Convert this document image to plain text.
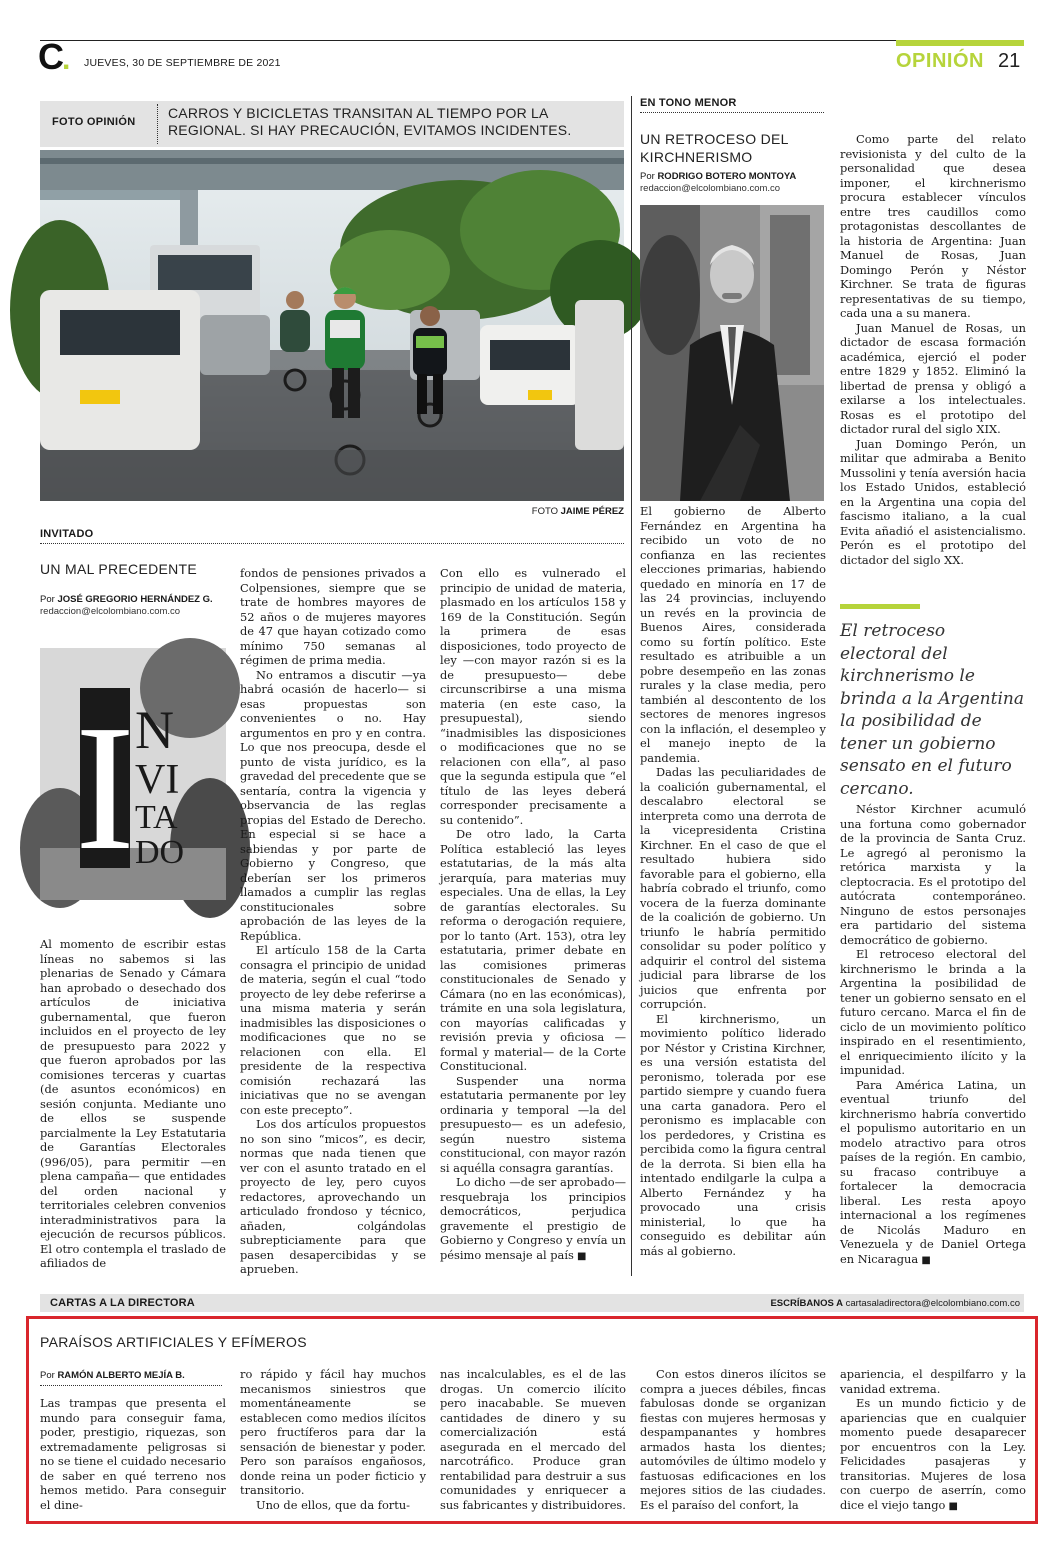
C. JUEVES, 30 DE SEPTIEMBRE DE 2021	OPINIÓN 21
FOTO OPINIÓN
CARROS Y BICICLETAS TRANSITAN AL TIEMPO POR LA REGIONAL. SI HAY PRECAUCIÓN, EVITAMOS INCIDENTES.
FOTO JAIME PÉREZ
INVITADO
UN MAL PRECEDENTE
Por JOSÉ GREGORIO HERNÁNDEZ G.
redaccion@elcolombiano.com.co
I N
VI
TA
DO

Al momento de escribir estas líneas no sabemos si las plenarias de Senado y Cámara han aprobado o desechado dos artículos de iniciativa gubernamental, que fueron incluidos en el proyecto de ley de presupuesto para 2022 y que fueron aprobados por las comisiones terceras y cuartas (de asuntos económicos) en sesión conjunta. Mediante uno de ellos se suspende parcialmente la Ley Estatutaria de Garantías Electorales (996/05), para permitir —en plena campaña— que entidades del orden nacional y territoriales celebren convenios interadministrativos para la ejecución de recursos públicos. El otro contempla el traslado de afiliados de

fondos de pensiones privados a Colpensiones, siempre que se trate de hombres mayores de 52 años o de mujeres mayores de 47 que hayan cotizado como mínimo 750 semanas al régimen de prima media.

No entramos a discutir —ya habrá ocasión de hacerlo— si esas propuestas son convenientes o no. Hay argumentos en pro y en contra. Lo que nos preocupa, desde el punto de vista jurídico, es la gravedad del precedente que se sentaría, contra la vigencia y observancia de las reglas propias del Estado de Derecho. En especial si se hace a sabiendas y por parte de Gobierno y Congreso, que deberían ser los primeros llamados a cumplir las reglas constitucionales sobre aprobación de las leyes de la República.

El artículo 158 de la Carta consagra el principio de unidad de materia, según el cual “todo proyecto de ley debe referirse a una misma materia y serán inadmisibles las disposiciones o modificaciones que no se relacionen con ella. El presidente de la respectiva comisión rechazará las iniciativas que no se avengan con este precepto”.

Los dos artículos propuestos no son sino “micos”, es decir, normas que nada tienen que ver con el asunto tratado en el proyecto de ley, pero cuyos redactores, aprovechando un articulado frondoso y técnico, añaden, colgándolas subrepticiamente para que pasen desapercibidas y se aprueben.

Con ello es vulnerado el principio de unidad de materia, plasmado en los artículos 158 y 169 de la Constitución. Según la primera de esas disposiciones, todo proyecto de ley —con mayor razón si es la de presupuesto— debe circunscribirse a una misma materia (en este caso, la presupuestal), siendo “inadmisibles las disposiciones o modificaciones que no se relacionen con ella”, al paso que la segunda estipula que “el título de las leyes deberá corresponder precisamente a su contenido”.

De otro lado, la Carta Política estableció las leyes estatutarias, de la más alta jerarquía, para materias muy especiales. Una de ellas, la Ley de garantías electorales. Su reforma o derogación requiere, por lo tanto (Art. 153), otra ley estatutaria, primer debate en las comisiones primeras constitucionales de Senado y Cámara (no en las económicas), trámite en una sola legislatura, con mayorías calificadas y revisión previa y oficiosa —formal y material— de la Corte Constitucional.

Suspender una norma estatutaria permanente por ley ordinaria y temporal —la del presupuesto— es un adefesio, según nuestro sistema constitucional, con mayor razón si aquélla consagra garantías.

Lo dicho —de ser aprobado— resquebraja los principios democráticos, perjudica gravemente el prestigio de Gobierno y Congreso y envía un pésimo mensaje al país ■

EN TONO MENOR
UN RETROCESO DEL KIRCHNERISMO
Por RODRIGO BOTERO MONTOYA
redaccion@elcolombiano.com.co

El gobierno de Alberto Fernández en Argentina ha recibido un voto de no confianza en las recientes elecciones primarias, habiendo quedado en minoría en 17 de las 24 provincias, incluyendo un revés en la provincia de Buenos Aires, considerada como su fortín político. Este resultado es atribuible a un pobre desempeño en las zonas rurales y la clase media, pero también al descontento de los sectores de menores ingresos con la inflación, el desempleo y el manejo inepto de la pandemia.

Dadas las peculiaridades de la coalición gubernamental, el descalabro electoral se interpreta como una derrota de la vicepresidenta Cristina Kirchner. En el caso de que el resultado hubiera sido favorable para el gobierno, ella habría cobrado el triunfo, como vocera de la fuerza dominante de la coalición de gobierno. Un triunfo le habría permitido consolidar su poder político y adquirir el control del sistema judicial para librarse de los juicios que enfrenta por corrupción.

El kirchnerismo, un movimiento político liderado por Néstor y Cristina Kirchner, es una versión estatista del peronismo, tolerada por ese partido siempre y cuando fuera una carta ganadora. Pero el peronismo es implacable con los perdedores, y Cristina es percibida como la figura central de la derrota. Si bien ella ha intentado endilgarle la culpa a Alberto Fernández y ha provocado una crisis ministerial, lo que ha conseguido es debilitar aún más al gobierno.

Como parte del relato revisionista y del culto de la personalidad que desea imponer, el kirchnerismo procura establecer vínculos entre tres caudillos como protagonistas descollantes de la historia de Argentina: Juan Manuel de Rosas, Juan Domingo Perón y Néstor Kirchner. Se trata de figuras representativas de su tiempo, cada una a su manera.

Juan Manuel de Rosas, un dictador de escasa formación académica, ejerció el poder entre 1829 y 1852. Eliminó la libertad de prensa y obligó a exilarse a los intelectuales. Rosas es el prototipo del dictador rural del siglo XIX.

Juan Domingo Perón, un militar que admiraba a Benito Mussolini y tenía aversión hacia los Estado Unidos, estableció en la Argentina una copia del fascismo italiano, a la cual Evita añadió el asistencialismo. Perón es el prototipo del dictador del siglo XX.

El retroceso electoral del kirchnerismo le brinda a la Argentina la posibilidad de tener un gobierno sensato en el futuro cercano.

Néstor Kirchner acumuló una fortuna como gobernador de la provincia de Santa Cruz. Le agregó al peronismo la retórica marxista y la cleptocracia. Es el prototipo del autócrata contemporáneo. Ninguno de estos personajes era partidario del sistema democrático de gobierno.

El retroceso electoral del kirchnerismo le brinda a la Argentina la posibilidad de tener un gobierno sensato en el futuro cercano. Marca el fin de ciclo de un movimiento político inspirado en el resentimiento, el enriquecimiento ilícito y la impunidad.

Para América Latina, un eventual triunfo del kirchnerismo habría convertido el populismo autoritario en un modelo atractivo para otros países de la región. En cambio, su fracaso contribuye a fortalecer la democracia liberal. Les resta apoyo internacional a los regímenes de Nicolás Maduro en Venezuela y de Daniel Ortega en Nicaragua ■

CARTAS A LA DIRECTORA	ESCRÍBANOS A cartasaladirectora@elcolombiano.com.co
PARAÍSOS ARTIFICIALES Y EFÍMEROS
Por RAMÓN ALBERTO MEJÍA B.

Las trampas que presenta el mundo para conseguir fama, poder, prestigio, riquezas, son extremadamente peligrosas si no se tiene el cuidado necesario de saber en qué terreno nos hemos metido. Para conseguir el dine-

ro rápido y fácil hay muchos mecanismos siniestros que momentáneamente se establecen como medios ilícitos pero fructíferos para dar la sensación de bienestar y poder. Pero son paraísos engañosos, donde reina un poder ficticio y transitorio.

Uno de ellos, que da fortu-

nas incalculables, es el de las drogas. Un comercio ilícito pero inacabable. Se mueven cantidades de dinero y su comercialización está asegurada en el mercado del narcotráfico. Produce gran rentabilidad para destruir a sus comunidades y enriquecer a sus fabricantes y distribuidores.

Con estos dineros ilícitos se compra a jueces débiles, fincas fabulosas donde se organizan fiestas con mujeres hermosas y despampanantes y hombres armados hasta los dientes; automóviles de último modelo y fastuosas edificaciones en los mejores sitios de las ciudades. Es el paraíso del confort, la

apariencia, el despilfarro y la vanidad extrema.

Es un mundo ficticio y de apariencias que en cualquier momento puede desaparecer por encuentros con la Ley. Felicidades pasajeras y transitorias. Mujeres de losa con cuerpo de aserrín, como dice el viejo tango ■
